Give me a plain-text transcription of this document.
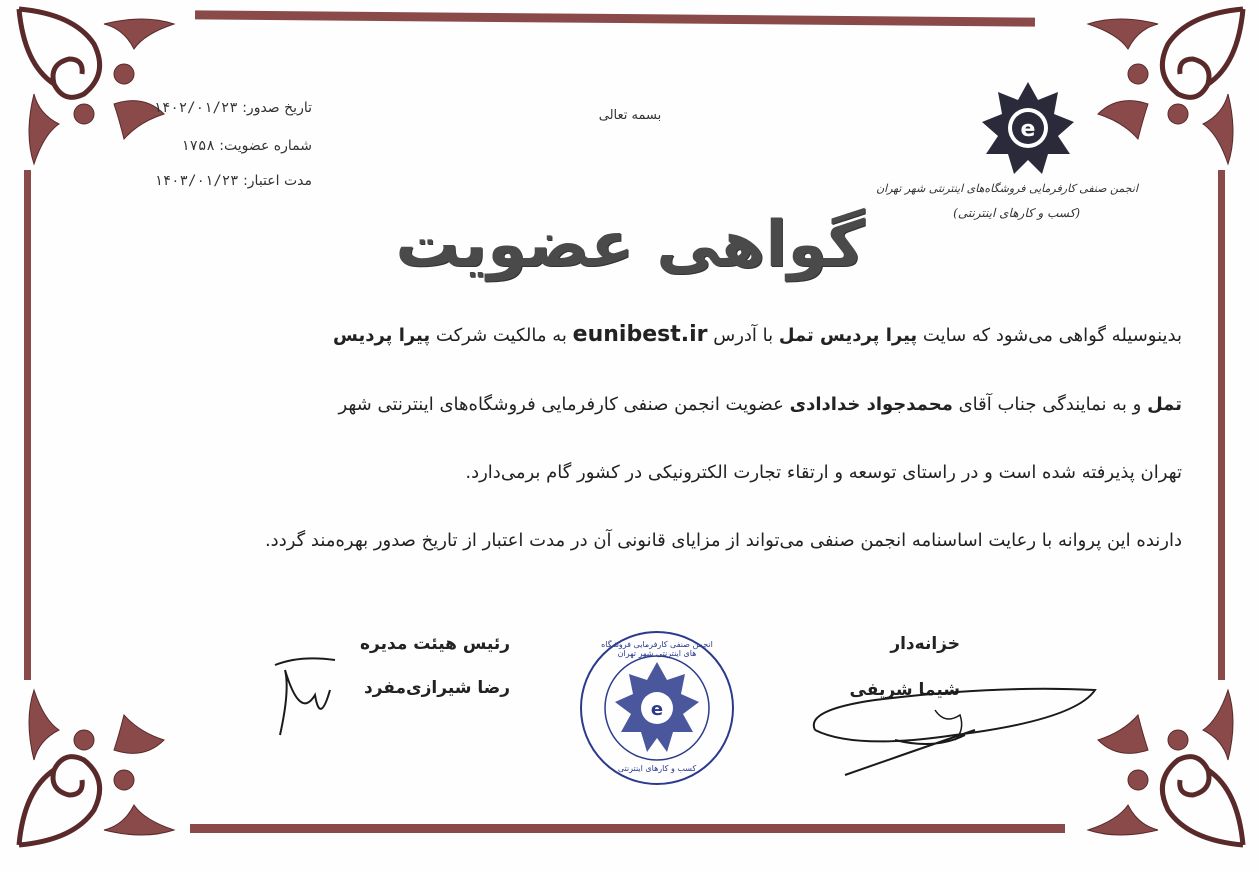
تاریخ صدور: ۱۴۰۲/۰۱/۲۳
شماره عضویت: ۱۷۵۸
مدت اعتبار: ۱۴۰۳/۰۱/۲۳
بسمه تعالی
e
انجمن صنفی کارفرمایی فروشگاه‌های اینترنتی شهر تهران
(کسب و کارهای اینترنتی)
گواهی عضویت
بدینوسیله گواهی می‌شود که سایت پیرا پردیس تمل با آدرس eunibest.ir به مالکیت شرکت پیرا پردیس
تمل و به نمایندگی جناب آقای محمدجواد خدادادی عضویت انجمن صنفی کارفرمایی فروشگاه‌های اینترنتی شهر
تهران پذیرفته شده است و در راستای توسعه و ارتقاء تجارت الکترونیکی در کشور گام برمی‌دارد.
دارنده این پروانه با رعایت اساسنامه انجمن صنفی می‌تواند از مزایای قانونی آن در مدت اعتبار از تاریخ صدور بهره‌مند گردد.
رئیس هیئت مدیره
رضا شیرازی‌مفرد
e
انجمن صنفی کارفرمایی فروشگاه های اینترنتی شهر تهران
کسب و کارهای اینترنتی
خزانه‌دار
شیما شریفی
